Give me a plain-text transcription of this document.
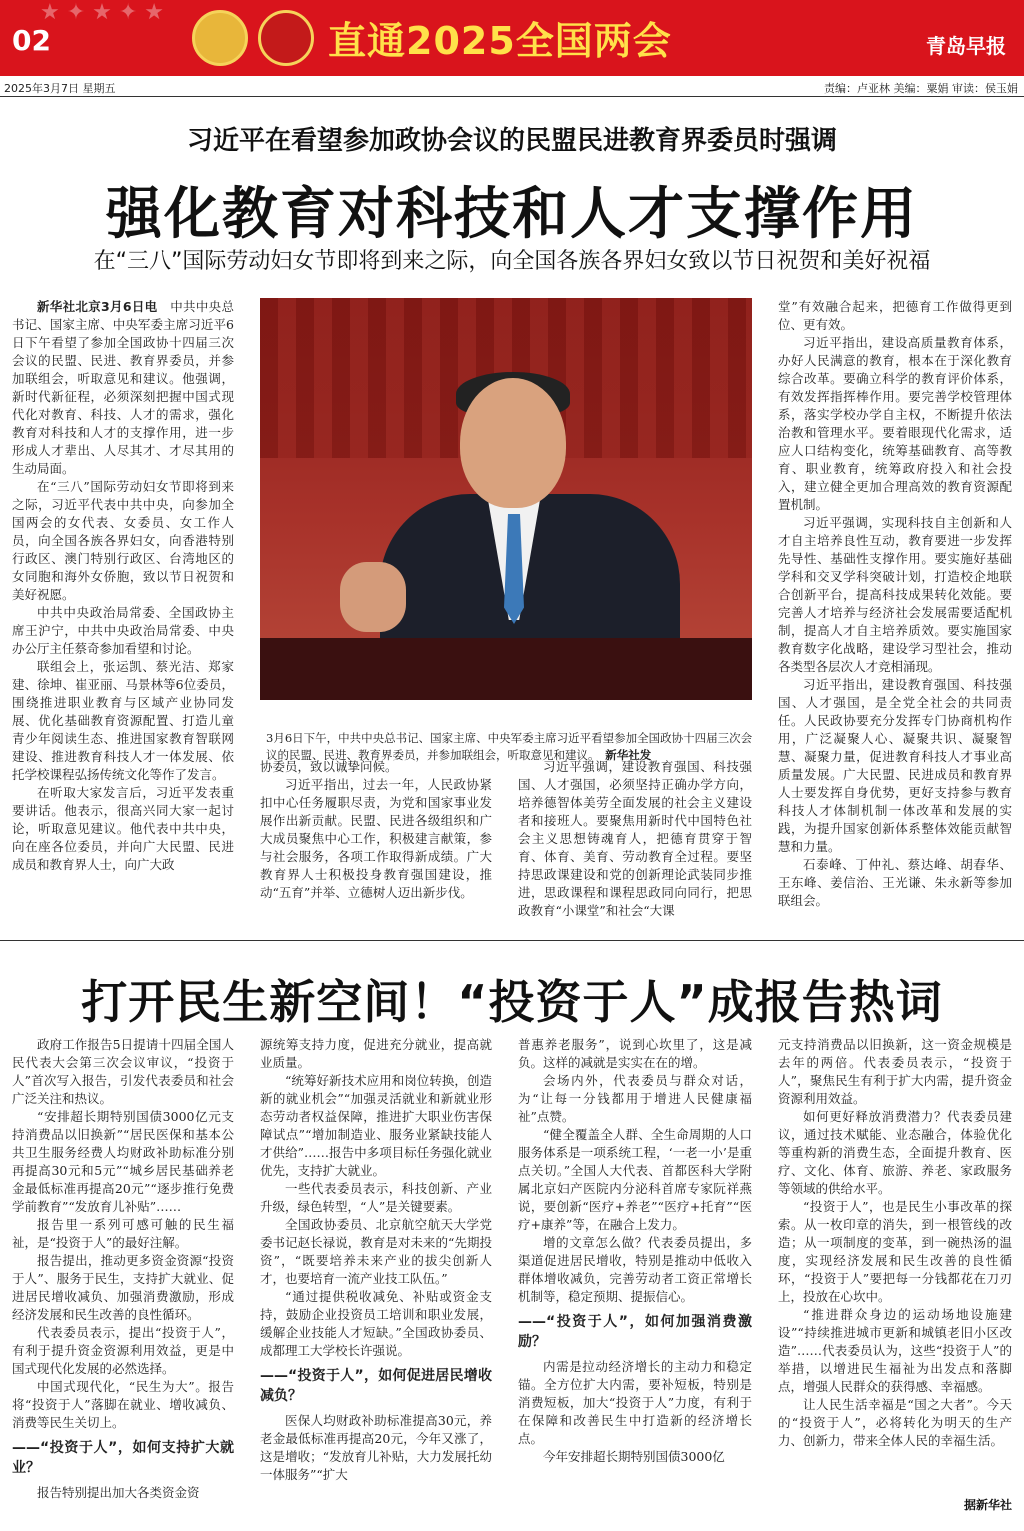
★ ✦ ★ ✦ ★
02	直通2025全国两会	青岛早报
2025年3月7日 星期五	责编：卢亚林 美编：粟娟 审读：侯玉娟
习近平在看望参加政协会议的民盟民进教育界委员时强调
强化教育对科技和人才支撑作用
在“三八”国际劳动妇女节即将到来之际，向全国各族各界妇女致以节日祝贺和美好祝福

新华社北京3月6日电　 中共中央总书记、国家主席、中央军委主席习近平6日下午看望了参加全国政协十四届三次会议的民盟、民进、教育界委员，并参加联组会，听取意见和建议。他强调，新时代新征程，必须深刻把握中国式现代化对教育、科技、人才的需求，强化教育对科技和人才的支撑作用，进一步形成人才辈出、人尽其才、才尽其用的生动局面。

在“三八”国际劳动妇女节即将到来之际，习近平代表中共中央，向参加全国两会的女代表、女委员、女工作人员，向全国各族各界妇女，向香港特别行政区、澳门特别行政区、台湾地区的女同胞和海外女侨胞，致以节日祝贺和美好祝愿。

中共中央政治局常委、全国政协主席王沪宁，中共中央政治局常委、中央办公厅主任蔡奇参加看望和讨论。

联组会上，张运凯、蔡光洁、郑家建、徐坤、崔亚丽、马景林等6位委员，围绕推进职业教育与区域产业协同发展、优化基础教育资源配置、打造儿童青少年阅读生态、推进国家教育智联网建设、推进教育科技人才一体发展、依托学校课程弘扬传统文化等作了发言。

在听取大家发言后，习近平发表重要讲话。他表示，很高兴同大家一起讨论，听取意见建议。他代表中共中央，向在座各位委员，并向广大民盟、民进成员和教育界人士，向广大政

3月6日下午，中共中央总书记、国家主席、中央军委主席习近平看望参加全国政协十四届三次会议的民盟、民进、教育界委员，并参加联组会，听取意见和建议。　 新华社发

协委员，致以诚挚问候。

习近平指出，过去一年，人民政协紧扣中心任务履职尽责，为党和国家事业发展作出新贡献。民盟、民进各级组织和广大成员聚焦中心工作，积极建言献策，参与社会服务，各项工作取得新成绩。广大教育界人士积极投身教育强国建设，推动“五育”并举、立德树人迈出新步伐。

习近平强调，建设教育强国、科技强国、人才强国，必须坚持正确办学方向，培养德智体美劳全面发展的社会主义建设者和接班人。要聚焦用新时代中国特色社会主义思想铸魂育人，把德育贯穿于智育、体育、美育、劳动教育全过程。要坚持思政课建设和党的创新理论武装同步推进，思政课程和课程思政同向同行，把思政教育“小课堂”和社会“大课

堂”有效融合起来，把德育工作做得更到位、更有效。

习近平指出，建设高质量教育体系，办好人民满意的教育，根本在于深化教育综合改革。要确立科学的教育评价体系，有效发挥指挥棒作用。要完善学校管理体系，落实学校办学自主权，不断提升依法治教和管理水平。要着眼现代化需求，适应人口结构变化，统筹基础教育、高等教育、职业教育，统筹政府投入和社会投入，建立健全更加合理高效的教育资源配置机制。

习近平强调，实现科技自主创新和人才自主培养良性互动，教育要进一步发挥先导性、基础性支撑作用。要实施好基础学科和交叉学科突破计划，打造校企地联合创新平台，提高科技成果转化效能。要完善人才培养与经济社会发展需要适配机制，提高人才自主培养质效。要实施国家教育数字化战略，建设学习型社会，推动各类型各层次人才竞相涌现。

习近平指出，建设教育强国、科技强国、人才强国，是全党全社会的共同责任。人民政协要充分发挥专门协商机构作用，广泛凝聚人心、凝聚共识、凝聚智慧、凝聚力量，促进教育科技人才事业高质量发展。广大民盟、民进成员和教育界人士要发挥自身优势，更好支持参与教育科技人才体制机制一体改革和发展的实践，为提升国家创新体系整体效能贡献智慧和力量。

石泰峰、丁仲礼、蔡达峰、胡春华、王东峰、姜信治、王光谦、朱永新等参加联组会。

打开民生新空间！“投资于人”成报告热词

政府工作报告5日提请十四届全国人民代表大会第三次会议审议，“投资于人”首次写入报告，引发代表委员和社会广泛关注和热议。

“安排超长期特别国债3000亿元支持消费品以旧换新”“居民医保和基本公共卫生服务经费人均财政补助标准分别再提高30元和5元”“城乡居民基础养老金最低标准再提高20元”“逐步推行免费学前教育”“发放育儿补贴”……

报告里一系列可感可触的民生福祉，是“投资于人”的最好注解。

报告提出，推动更多资金资源“投资于人”、服务于民生，支持扩大就业、促进居民增收减负、加强消费激励，形成经济发展和民生改善的良性循环。

代表委员表示，提出“投资于人”，有利于提升资金资源利用效益，更是中国式现代化发展的必然选择。

中国式现代化，“民生为大”。报告将“投资于人”落脚在就业、增收减负、消费等民生关切上。

——“投资于人”，如何支持扩大就业？

报告特别提出加大各类资金资

源统筹支持力度，促进充分就业，提高就业质量。

“统筹好新技术应用和岗位转换，创造新的就业机会”“加强灵活就业和新就业形态劳动者权益保障，推进扩大职业伤害保障试点”“增加制造业、服务业紧缺技能人才供给”……报告中多项目标任务强化就业优先，支持扩大就业。

一些代表委员表示，科技创新、产业升级，绿色转型，“人”是关键要素。

全国政协委员、北京航空航天大学党委书记赵长禄说，教育是对未来的“先期投资”，“既要培养未来产业的拔尖创新人才，也要培育一流产业技工队伍。”

“通过提供税收减免、补贴或资金支持，鼓励企业投资员工培训和职业发展，缓解企业技能人才短缺。”全国政协委员、成都理工大学校长许强说。

——“投资于人”，如何促进居民增收减负？

医保人均财政补助标准提高30元，养老金最低标准再提高20元，今年又涨了，这是增收；“发放育儿补贴，大力发展托幼一体服务”“扩大

普惠养老服务”，说到心坎里了，这是减负。这样的减就是实实在在的增。

会场内外，代表委员与群众对话，为“让每一分钱都用于增进人民健康福祉”点赞。

“健全覆盖全人群、全生命周期的人口服务体系是一项系统工程，‘一老一小’是重点关切。”全国人大代表、首都医科大学附属北京妇产医院内分泌科首席专家阮祥燕说，要创新“医疗+养老”“医疗+托育”“医疗+康养”等，在融合上发力。

增的文章怎么做？代表委员提出，多渠道促进居民增收，特别是推动中低收入群体增收减负，完善劳动者工资正常增长机制等，稳定预期、提振信心。

——“投资于人”，如何加强消费激励？

内需是拉动经济增长的主动力和稳定锚。全方位扩大内需，要补短板，特别是消费短板，加大“投资于人”力度，有利于在保障和改善民生中打造新的经济增长点。

今年安排超长期特别国债3000亿

元支持消费品以旧换新，这一资金规模是去年的两倍。代表委员表示，“投资于人”，聚焦民生有利于扩大内需，提升资金资源利用效益。

如何更好释放消费潜力？代表委员建议，通过技术赋能、业态融合，体验优化等重构新的消费生态，全面提升教育、医疗、文化、体育、旅游、养老、家政服务等领域的供给水平。

“投资于人”，也是民生小事改革的探索。从一枚印章的消失，到一根管线的改造；从一项制度的变革，到一碗热汤的温度，实现经济发展和民生改善的良性循环，“投资于人”要把每一分钱都花在刀刃上，投放在心坎中。

“推进群众身边的运动场地设施建设”“持续推进城市更新和城镇老旧小区改造”……代表委员认为，这些“投资于人”的举措，以增进民生福祉为出发点和落脚点，增强人民群众的获得感、幸福感。

让人民生活幸福是“国之大者”。今天的“投资于人”，必将转化为明天的生产力、创新力，带来全体人民的幸福生活。

据新华社
